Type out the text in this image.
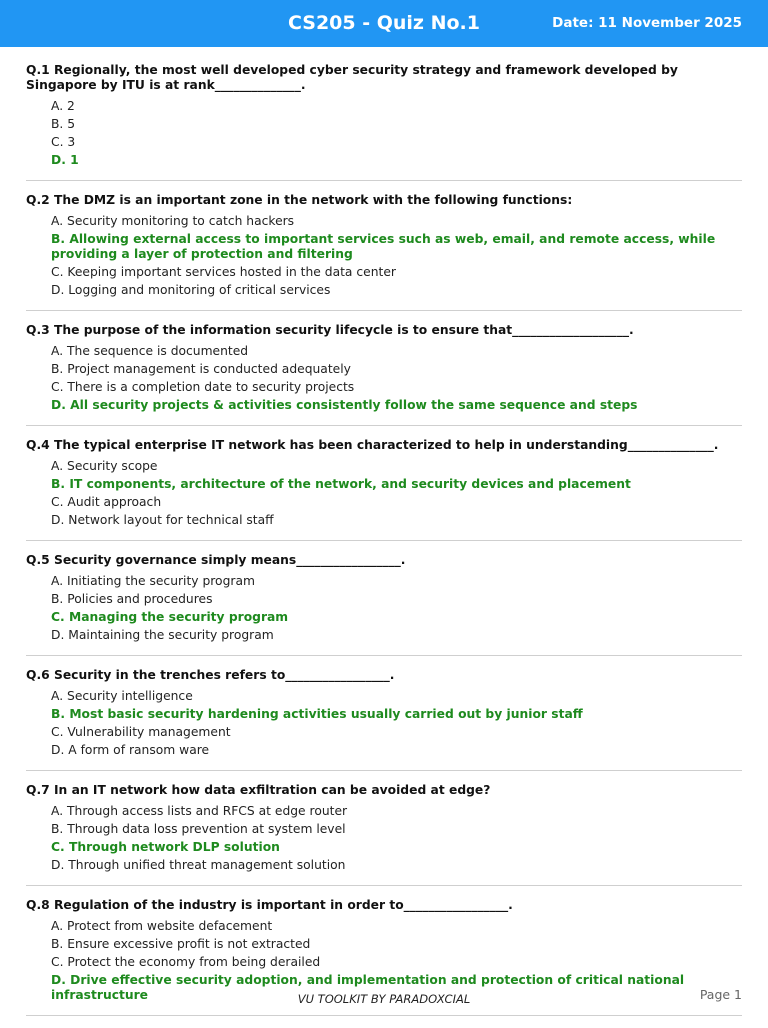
CS205 - Quiz No.1	Date: 11 November 2025
Q.1 Regionally, the most well developed cyber security strategy and framework developed by Singapore by ITU is at rank______________.
A. 2
B. 5
C. 3
D. 1
Q.2 The DMZ is an important zone in the network with the following functions:
A. Security monitoring to catch hackers
B. Allowing external access to important services such as web, email, and remote access, while providing a layer of protection and filtering
C. Keeping important services hosted in the data center
D. Logging and monitoring of critical services
Q.3 The purpose of the information security lifecycle is to ensure that___________________.
A. The sequence is documented
B. Project management is conducted adequately
C. There is a completion date to security projects
D. All security projects & activities consistently follow the same sequence and steps
Q.4 The typical enterprise IT network has been characterized to help in understanding______________.
A. Security scope
B. IT components, architecture of the network, and security devices and placement
C. Audit approach
D. Network layout for technical staff
Q.5 Security governance simply means_________________.
A. Initiating the security program
B. Policies and procedures
C. Managing the security program
D. Maintaining the security program
Q.6 Security in the trenches refers to_________________.
A. Security intelligence
B. Most basic security hardening activities usually carried out by junior staff
C. Vulnerability management
D. A form of ransom ware
Q.7 In an IT network how data exfiltration can be avoided at edge?
A. Through access lists and RFCS at edge router
B. Through data loss prevention at system level
C. Through network DLP solution
D. Through unified threat management solution
Q.8 Regulation of the industry is important in order to_________________.
A. Protect from website defacement
B. Ensure excessive profit is not extracted
C. Protect the economy from being derailed
D. Drive effective security adoption, and implementation and protection of critical national infrastructure	VU TOOLKIT BY PARADOXCIAL	Page 1
